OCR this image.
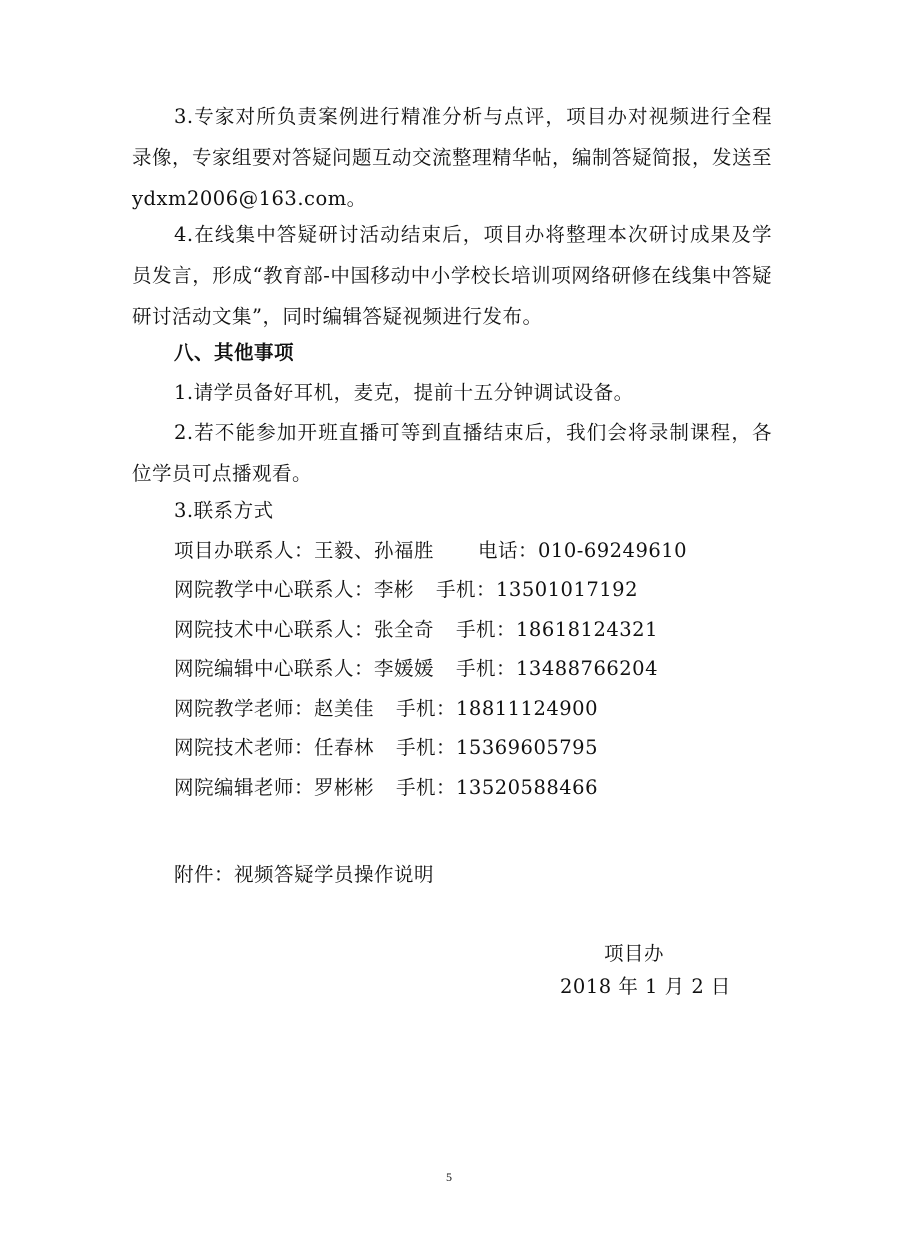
3.专家对所负责案例进行精准分析与点评，项目办对视频进行全程录像，专家组要对答疑问题互动交流整理精华帖，编制答疑简报，发送至 ydxm2006@163.com。

4.在线集中答疑研讨活动结束后，项目办将整理本次研讨成果及学员发言，形成“教育部-中国移动中小学校长培训项网络研修在线集中答疑研讨活动文集”，同时编辑答疑视频进行发布。

八、其他事项

1.请学员备好耳机，麦克，提前十五分钟调试设备。

2.若不能参加开班直播可等到直播结束后，我们会将录制课程，各位学员可点播观看。

3.联系方式
项目办联系人：王毅、孙福胜 电话：010-69249610
网院教学中心联系人：李彬 手机：13501017192
网院技术中心联系人：张全奇 手机：18618124321
网院编辑中心联系人：李媛媛 手机：13488766204
网院教学老师：赵美佳 手机：18811124900
网院技术老师：任春林 手机：15369605795
网院编辑老师：罗彬彬 手机：13520588466
附件：视频答疑学员操作说明
项目办
2018 年 1 月 2 日
5
